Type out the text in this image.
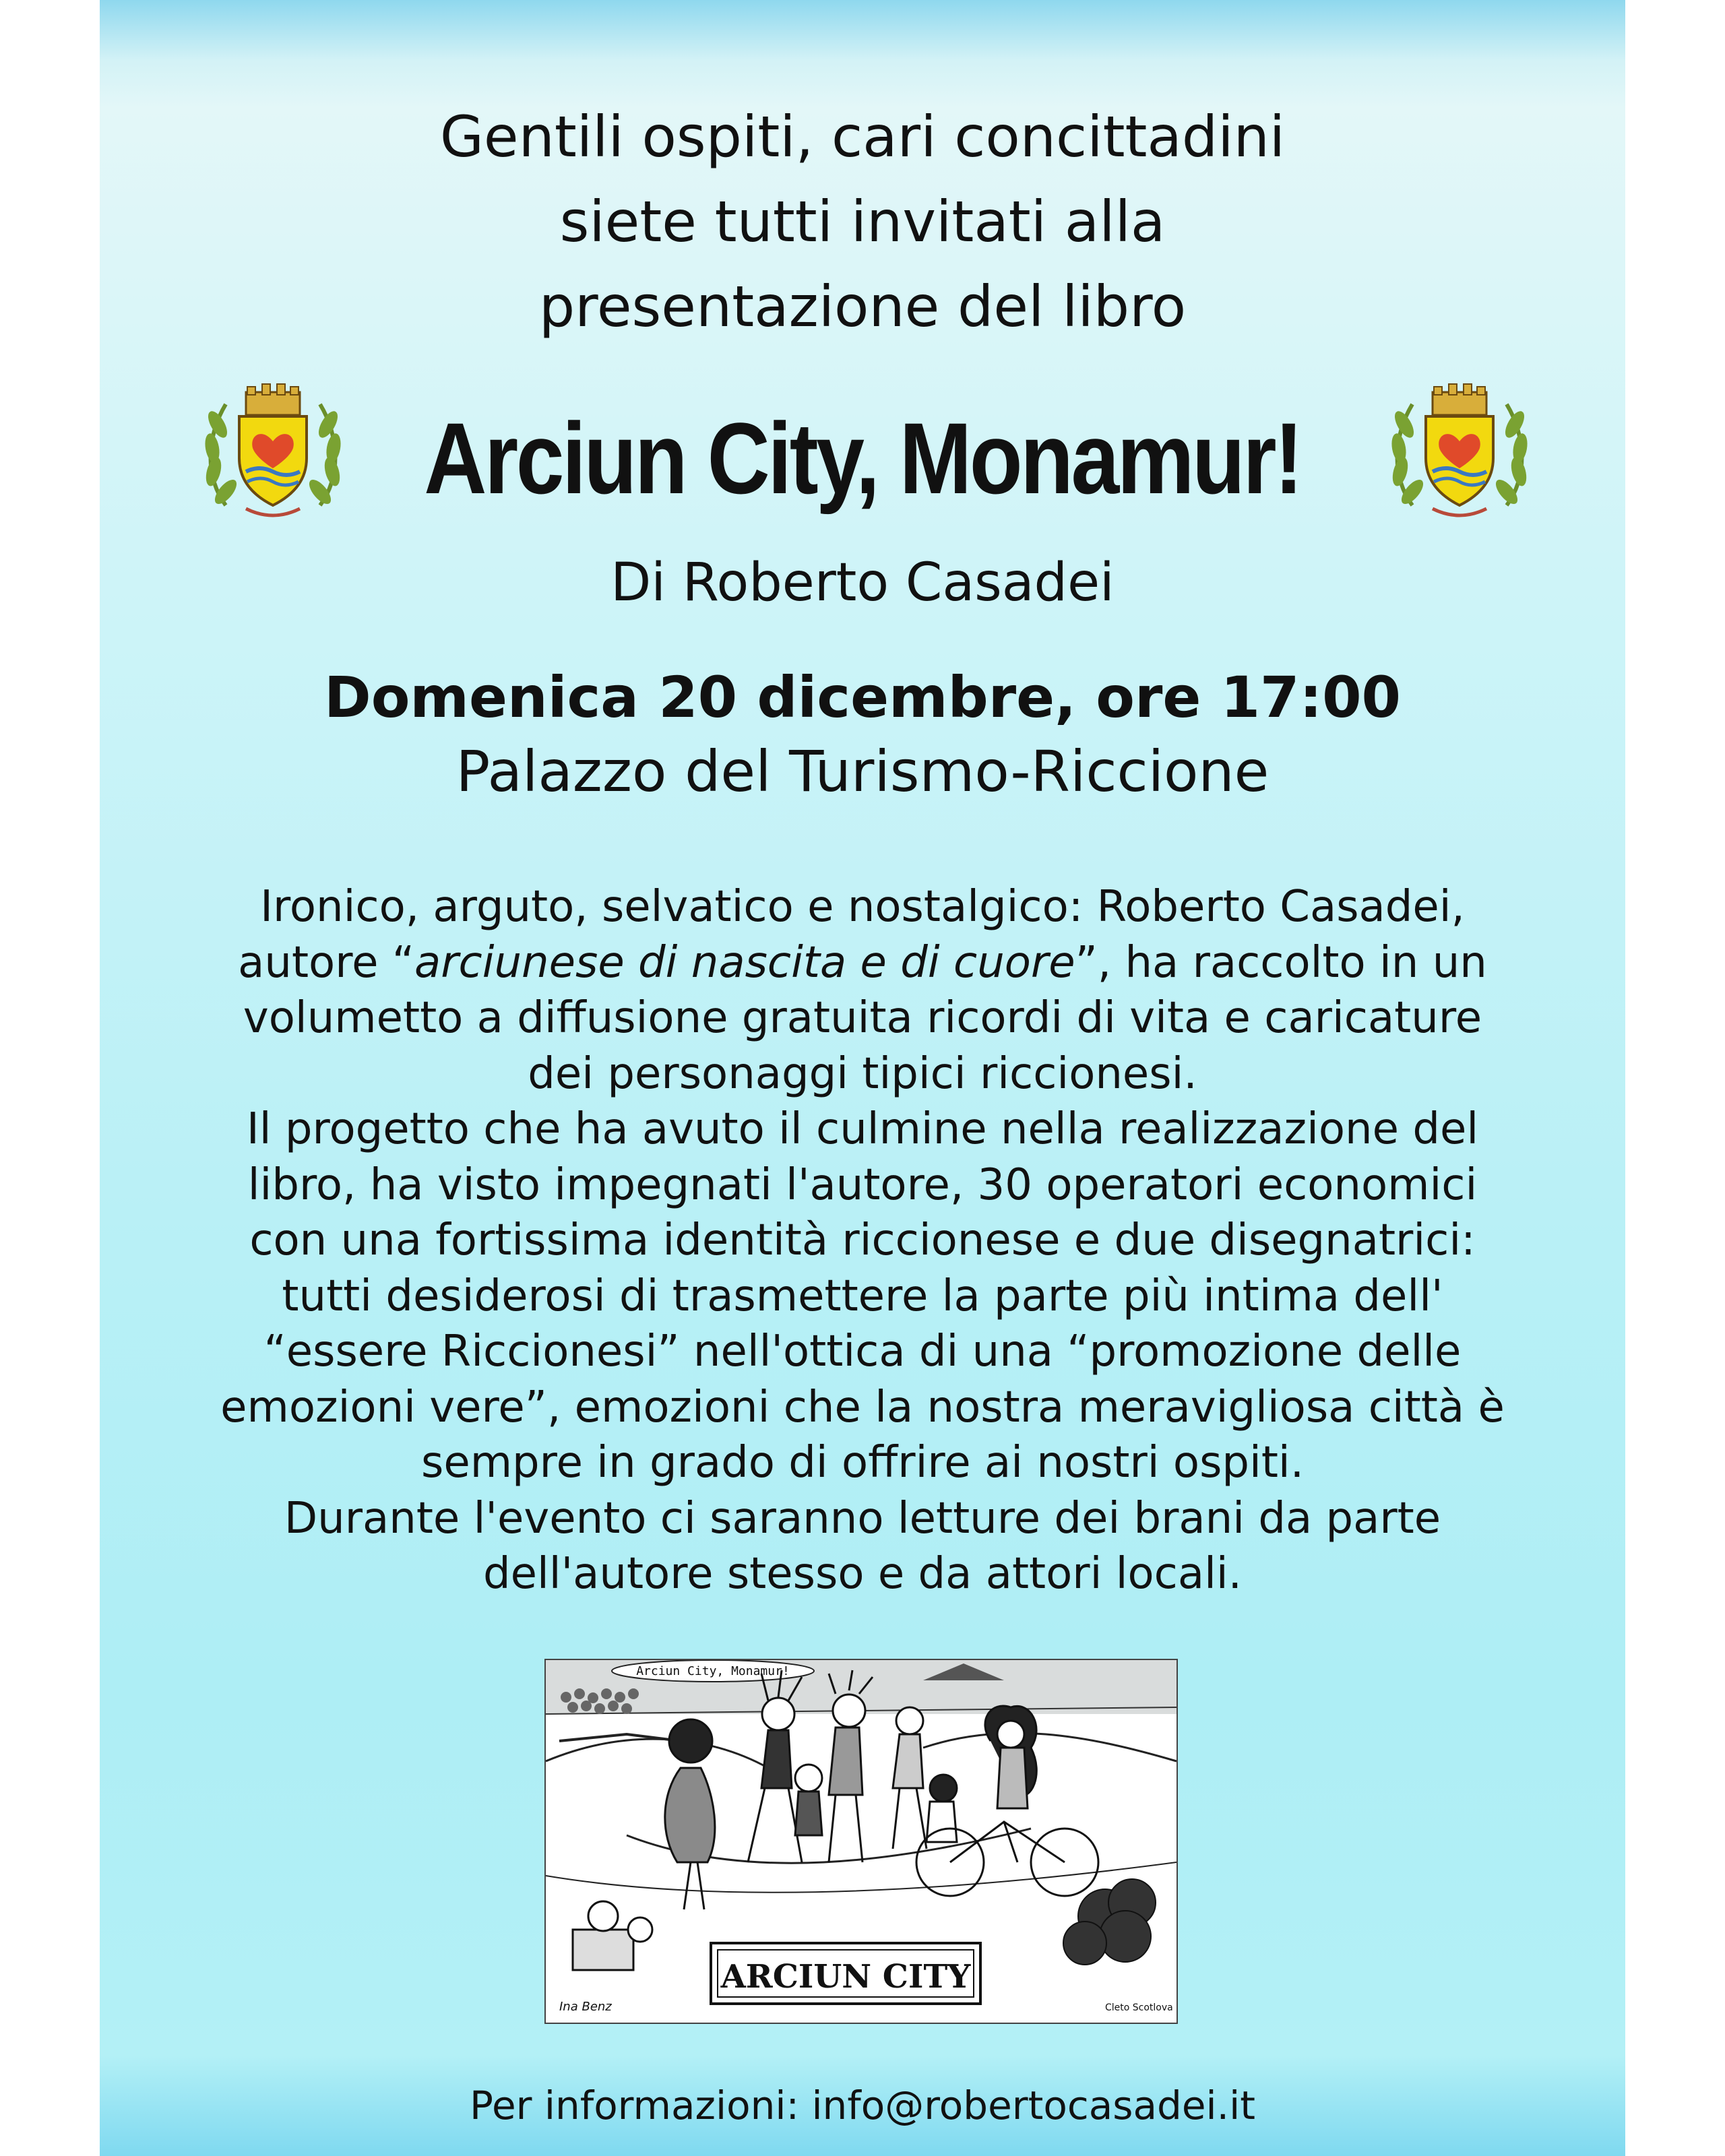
Gentili ospiti, cari concittadini
siete tutti invitati alla
presentazione del libro
Arciun City, Monamur!
Di Roberto Casadei
Domenica 20 dicembre, ore 17:00
Palazzo del Turismo-Riccione

Ironico, arguto, selvatico e nostalgico: Roberto Casadei, autore “arciunese di nascita e di cuore”, ha raccolto in un volumetto a diffusione gratuita ricordi di vita e caricature dei personaggi tipici riccionesi.

Il progetto che ha avuto il culmine nella realizzazione del libro, ha visto impegnati l'autore, 30 operatori economici con una fortissima identità riccionese e due disegnatrici: tutti desiderosi di trasmettere la parte più intima dell' “essere Riccionesi” nell'ottica di una “promozione delle emozioni vere”, emozioni che la nostra meravigliosa città è sempre in grado di offrire ai nostri ospiti.

Durante l'evento ci saranno letture dei brani da parte dell'autore stesso e da attori locali.

Arciun City, Monamur!
ARCIUN CITY
Ina Benz	Cleto Scotlova
Per informazioni: info@robertocasadei.it
